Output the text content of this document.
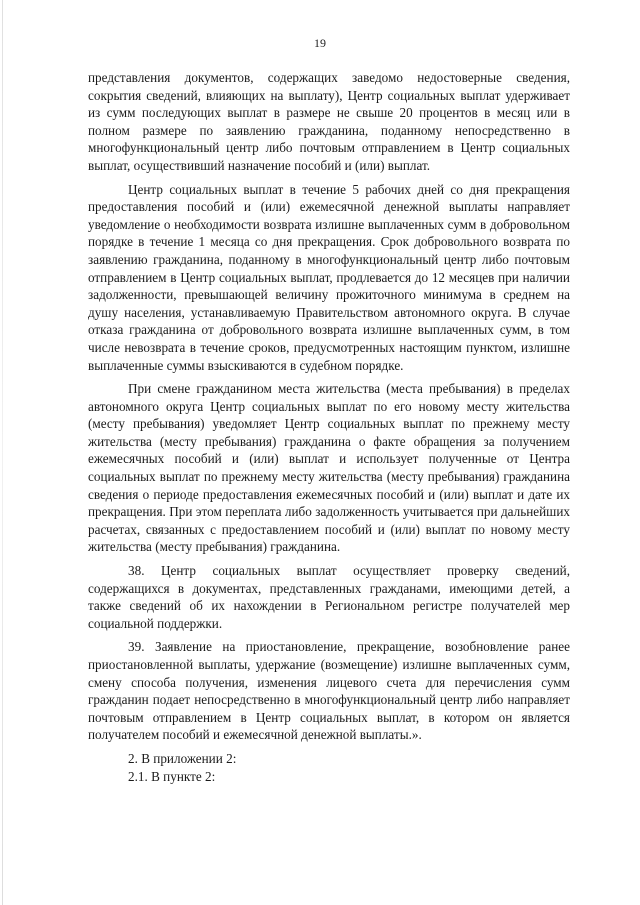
19

представления документов, содержащих заведомо недостоверные сведения, сокрытия сведений, влияющих на выплату), Центр социальных выплат удерживает из сумм последующих выплат в размере не свыше 20 процентов в месяц или в полном размере по заявлению гражданина, поданному непосредственно в многофункциональный центр либо почтовым отправлением в Центр социальных выплат, осуществивший назначение пособий и (или) выплат.

Центр социальных выплат в течение 5 рабочих дней со дня прекращения предоставления пособий и (или) ежемесячной денежной выплаты направляет уведомление о необходимости возврата излишне выплаченных сумм в добровольном порядке в течение 1 месяца со дня прекращения. Срок добровольного возврата по заявлению гражданина, поданному в многофункциональный центр либо почтовым отправлением в Центр социальных выплат, продлевается до 12 месяцев при наличии задолженности, превышающей величину прожиточного минимума в среднем на душу населения, устанавливаемую Правительством автономного округа. В случае отказа гражданина от добровольного возврата излишне выплаченных сумм, в том числе невозврата в течение сроков, предусмотренных настоящим пунктом, излишне выплаченные суммы взыскиваются в судебном порядке.

При смене гражданином места жительства (места пребывания) в пределах автономного округа Центр социальных выплат по его новому месту жительства (месту пребывания) уведомляет Центр социальных выплат по прежнему месту жительства (месту пребывания) гражданина о факте обращения за получением ежемесячных пособий и (или) выплат и использует полученные от Центра социальных выплат по прежнему месту жительства (месту пребывания) гражданина сведения о периоде предоставления ежемесячных пособий и (или) выплат и дате их прекращения. При этом переплата либо задолженность учитывается при дальнейших расчетах, связанных с предоставлением пособий и (или) выплат по новому месту жительства (месту пребывания) гражданина.

38. Центр социальных выплат осуществляет проверку сведений, содержащихся в документах, представленных гражданами, имеющими детей, а также сведений об их нахождении в Региональном регистре получателей мер социальной поддержки.

39. Заявление на приостановление, прекращение, возобновление ранее приостановленной выплаты, удержание (возмещение) излишне выплаченных сумм, смену способа получения, изменения лицевого счета для перечисления сумм гражданин подает непосредственно в многофункциональный центр либо направляет почтовым отправлением в Центр социальных выплат, в котором он является получателем пособий и ежемесячной денежной выплаты.».

2. В приложении 2:

2.1. В пункте 2:
